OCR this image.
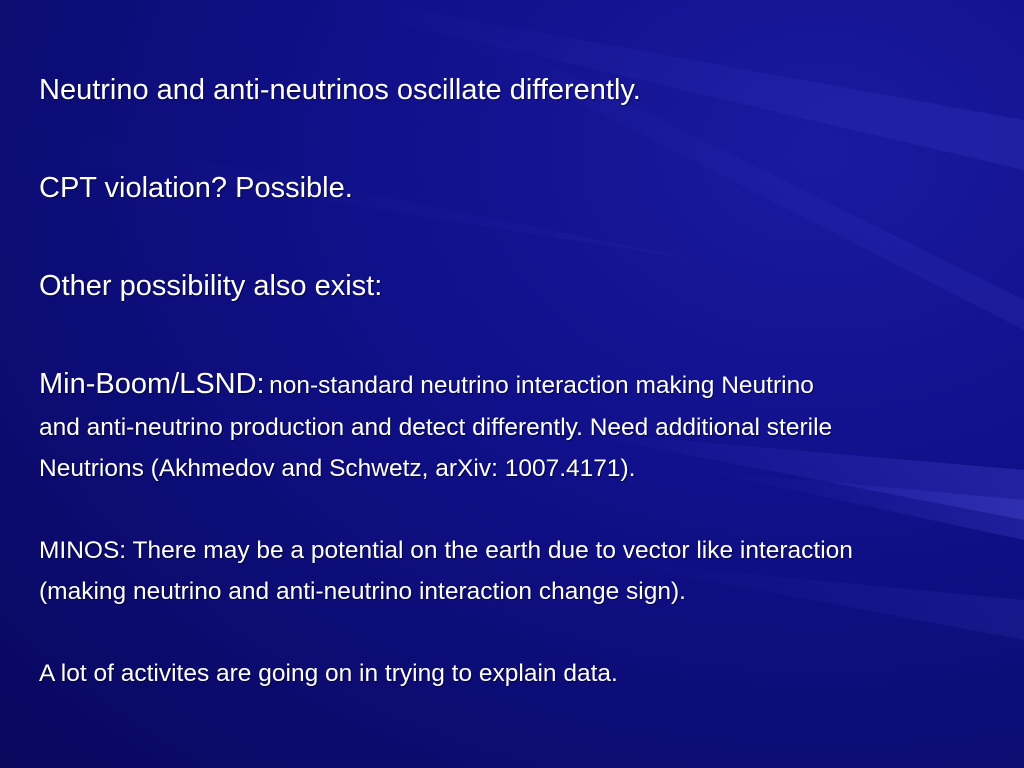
Neutrino and anti-neutrinos oscillate differently.
CPT violation? Possible.
Other possibility also exist:
Min-Boom/LSND: non-standard neutrino interaction making Neutrino
and anti-neutrino production and detect differently. Need additional sterile
Neutrions (Akhmedov and Schwetz, arXiv: 1007.4171).
MINOS: There may be a potential on the earth due to vector like interaction
(making neutrino and anti-neutrino interaction change sign).
A lot of activites are going on in trying to explain data.
